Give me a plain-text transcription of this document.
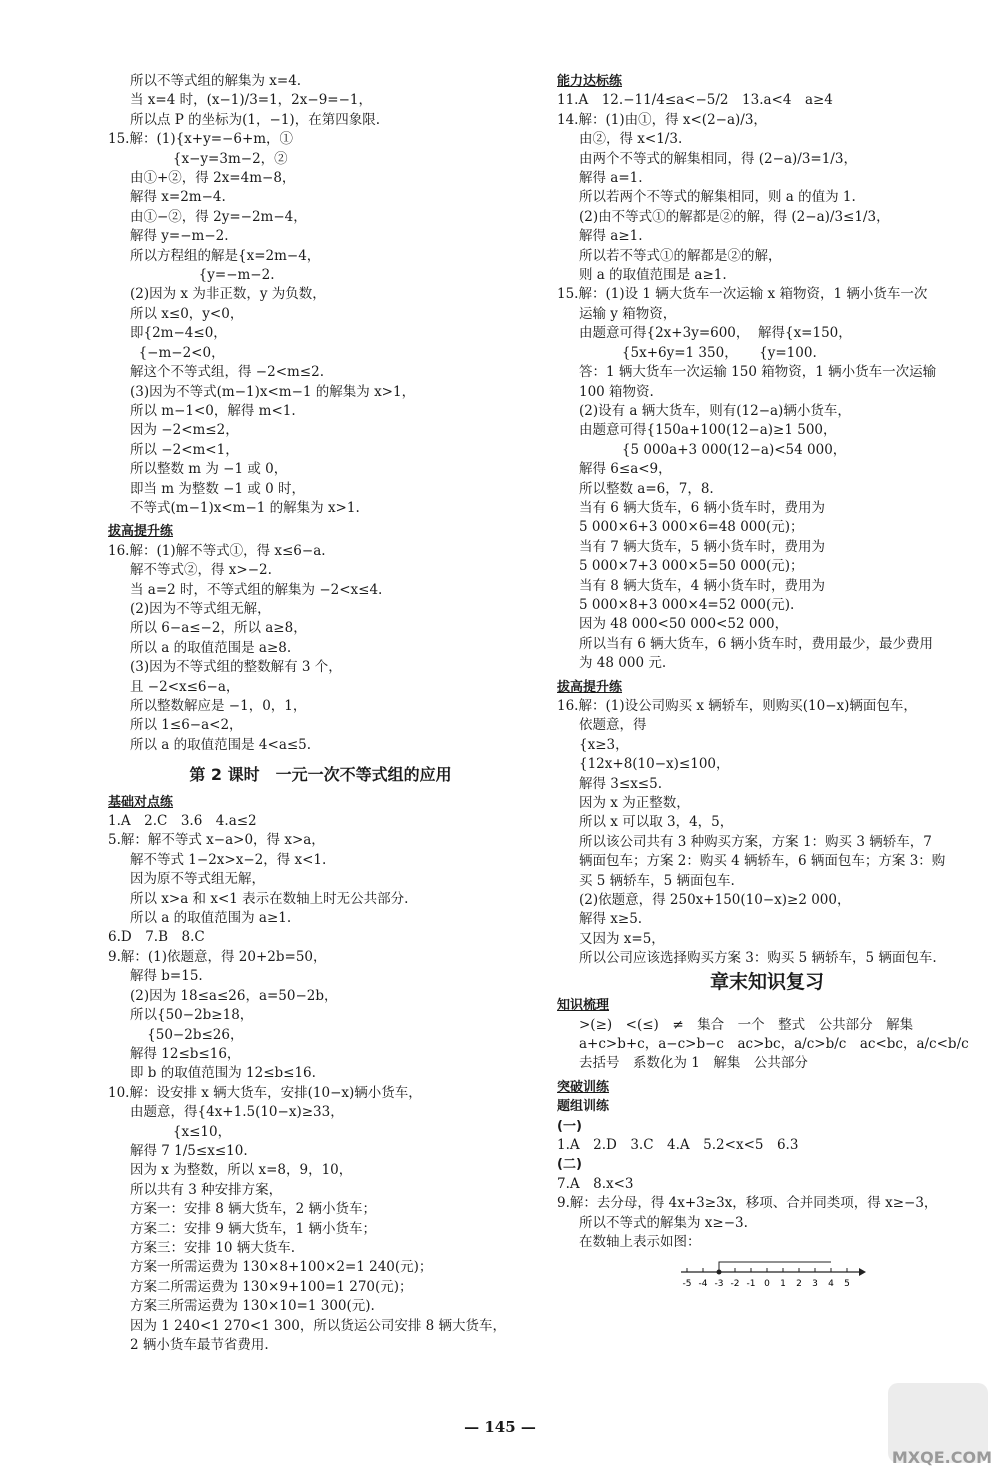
所以不等式组的解集为 x=4.
当 x=4 时，(x−1)/3=1，2x−9=−1，
所以点 P 的坐标为(1，−1)，在第四象限.
15.解：(1){x+y=−6+m，①
{x−y=3m−2，②
由①+②，得 2x=4m−8，
解得 x=2m−4.
由①−②，得 2y=−2m−4，
解得 y=−m−2.
所以方程组的解是{x=2m−4，
{y=−m−2.
(2)因为 x 为非正数，y 为负数，
所以 x≤0，y<0，
即{2m−4≤0，
{−m−2<0，
解这个不等式组，得 −2<m≤2.
(3)因为不等式(m−1)x<m−1 的解集为 x>1，
所以 m−1<0，解得 m<1.
因为 −2<m≤2，
所以 −2<m<1，
所以整数 m 为 −1 或 0，
即当 m 为整数 −1 或 0 时，
不等式(m−1)x<m−1 的解集为 x>1.
拔高提升练
16.解：(1)解不等式①，得 x≤6−a.
解不等式②，得 x>−2.
当 a=2 时，不等式组的解集为 −2<x≤4.
(2)因为不等式组无解，
所以 6−a≤−2，所以 a≥8，
所以 a 的取值范围是 a≥8.
(3)因为不等式组的整数解有 3 个，
且 −2<x≤6−a，
所以整数解应是 −1，0，1，
所以 1≤6−a<2，
所以 a 的取值范围是 4<a≤5.
第 2 课时　一元一次不等式组的应用
基础对点练
1.A　2.C　3.6　4.a≤2
5.解：解不等式 x−a>0，得 x>a，
解不等式 1−2x>x−2，得 x<1.
因为原不等式组无解，
所以 x>a 和 x<1 表示在数轴上时无公共部分.
所以 a 的取值范围为 a≥1.
6.D　7.B　8.C
9.解：(1)依题意，得 20+2b=50，
解得 b=15.
(2)因为 18≤a≤26，a=50−2b，
所以{50−2b≥18，
{50−2b≤26，
解得 12≤b≤16，
即 b 的取值范围为 12≤b≤16.
10.解：设安排 x 辆大货车，安排(10−x)辆小货车，
由题意，得{4x+1.5(10−x)≥33，
{x≤10，
解得 7 1/5≤x≤10.
因为 x 为整数，所以 x=8，9，10，
所以共有 3 种安排方案，
方案一：安排 8 辆大货车，2 辆小货车；
方案二：安排 9 辆大货车，1 辆小货车；
方案三：安排 10 辆大货车.
方案一所需运费为 130×8+100×2=1 240(元)；
方案二所需运费为 130×9+100=1 270(元)；
方案三所需运费为 130×10=1 300(元).
因为 1 240<1 270<1 300，所以货运公司安排 8 辆大货车，
2 辆小货车最节省费用.
能力达标练
11.A　12.−11/4≤a<−5/2　13.a<4　a≥4
14.解：(1)由①，得 x<(2−a)/3，
由②，得 x<1/3.
由两个不等式的解集相同，得 (2−a)/3=1/3，
解得 a=1.
所以若两个不等式的解集相同，则 a 的值为 1.
(2)由不等式①的解都是②的解，得 (2−a)/3≤1/3，
解得 a≥1.
所以若不等式①的解都是②的解，
则 a 的取值范围是 a≥1.
15.解：(1)设 1 辆大货车一次运输 x 箱物资，1 辆小货车一次
运输 y 箱物资，
由题意可得{2x+3y=600，  解得{x=150，
{5x+6y=1 350，     {y=100.
答：1 辆大货车一次运输 150 箱物资，1 辆小货车一次运输
100 箱物资.
(2)设有 a 辆大货车，则有(12−a)辆小货车，
由题意可得{150a+100(12−a)≥1 500，
{5 000a+3 000(12−a)<54 000，
解得 6≤a<9，
所以整数 a=6，7，8.
当有 6 辆大货车，6 辆小货车时，费用为
5 000×6+3 000×6=48 000(元)；
当有 7 辆大货车，5 辆小货车时，费用为
5 000×7+3 000×5=50 000(元)；
当有 8 辆大货车，4 辆小货车时，费用为
5 000×8+3 000×4=52 000(元).
因为 48 000<50 000<52 000，
所以当有 6 辆大货车，6 辆小货车时，费用最少，最少费用
为 48 000 元.
拔高提升练
16.解：(1)设公司购买 x 辆轿车，则购买(10−x)辆面包车，
依题意，得
{x≥3，
{12x+8(10−x)≤100，
解得 3≤x≤5.
因为 x 为正整数，
所以 x 可以取 3，4，5，
所以该公司共有 3 种购买方案，方案 1：购买 3 辆轿车，7
辆面包车；方案 2：购买 4 辆轿车，6 辆面包车；方案 3：购
买 5 辆轿车，5 辆面包车.
(2)依题意，得 250x+150(10−x)≥2 000，
解得 x≥5.
又因为 x=5，
所以公司应该选择购买方案 3：购买 5 辆轿车，5 辆面包车.
章末知识复习
知识梳理
>(≥)　<(≤)　≠　集合　一个　整式　公共部分　解集
a+c>b+c，a−c>b−c　ac>bc，a/c>b/c　ac<bc，a/c<b/c
去括号　系数化为 1　解集　公共部分
突破训练
题组训练
(一)
1.A　2.D　3.C　4.A　5.2<x<5　6.3
(二)
7.A　8.x<3
9.解：去分母，得 4x+3≥3x，移项、合并同类项，得 x≥−3，
所以不等式的解集为 x≥−3.
在数轴上表示如图：
-5 -4 -3 -2 -1 0 1 2 3 4 5
— 145 —
MXQE.COM
